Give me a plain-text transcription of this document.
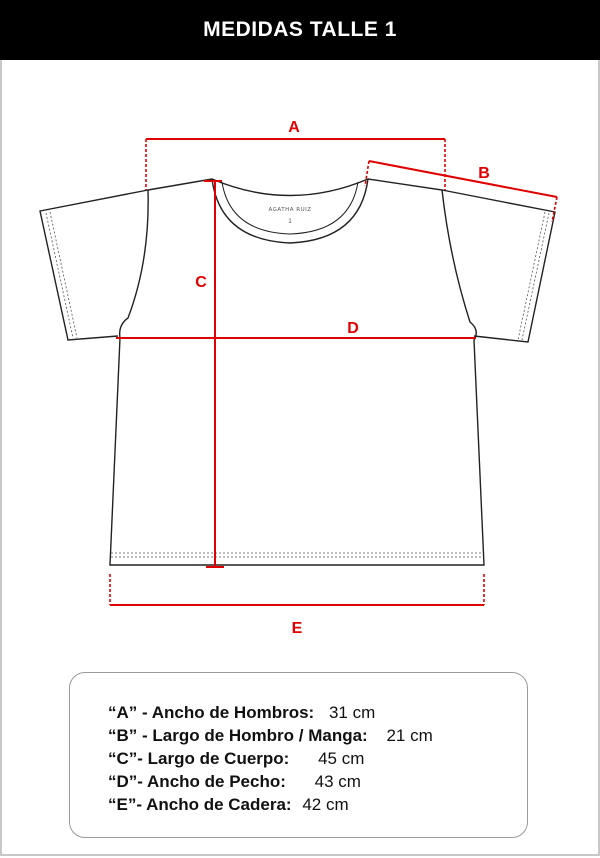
MEDIDAS TALLE 1
AGATHA RUIZ
1
A
B
C
D
E
“A” - Ancho de Hombros: 31 cm
“B” - Largo de Hombro / Manga: 21 cm
“C”- Largo de Cuerpo: 45 cm
“D”- Ancho de Pecho: 43 cm
“E”- Ancho de Cadera: 42 cm
